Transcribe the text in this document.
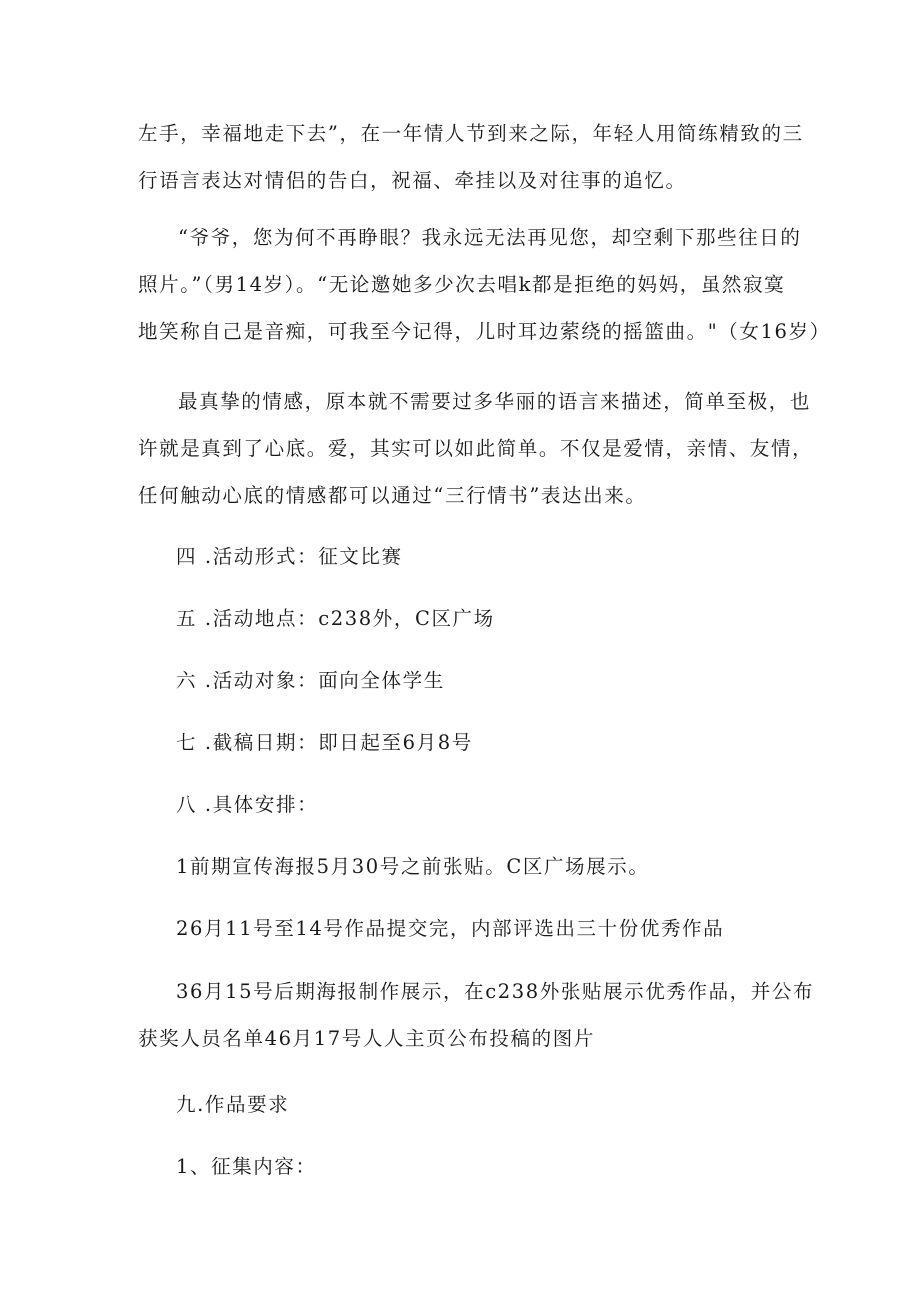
左手，幸福地走下去”，在一年情人节到来之际，年轻人用简练精致的三
行语言表达对情侣的告白，祝福、牵挂以及对往事的追忆。

“爷爷，您为何不再睁眼？我永远无法再见您，却空剩下那些往日的
照片。”（男14岁）。“无论邀她多少次去唱k都是拒绝的妈妈，虽然寂寞
地笑称自己是音痴，可我至今记得，儿时耳边萦绕的摇篮曲。"（女16岁）

最真挚的情感，原本就不需要过多华丽的语言来描述，简单至极，也
许就是真到了心底。爱，其实可以如此简单。不仅是爱情，亲情、友情，
任何触动心底的情感都可以通过“三行情书”表达出来。

四 .活动形式：征文比赛

五 .活动地点：c238外，C区广场

六 .活动对象：面向全体学生

七 .截稿日期：即日起至6月8号

八 .具体安排：

1前期宣传海报5月30号之前张贴。C区广场展示。

26月11号至14号作品提交完，内部评选出三十份优秀作品

36月15号后期海报制作展示，在c238外张贴展示优秀作品，并公布
获奖人员名单46月17号人人主页公布投稿的图片

九.作品要求

1、征集内容：
